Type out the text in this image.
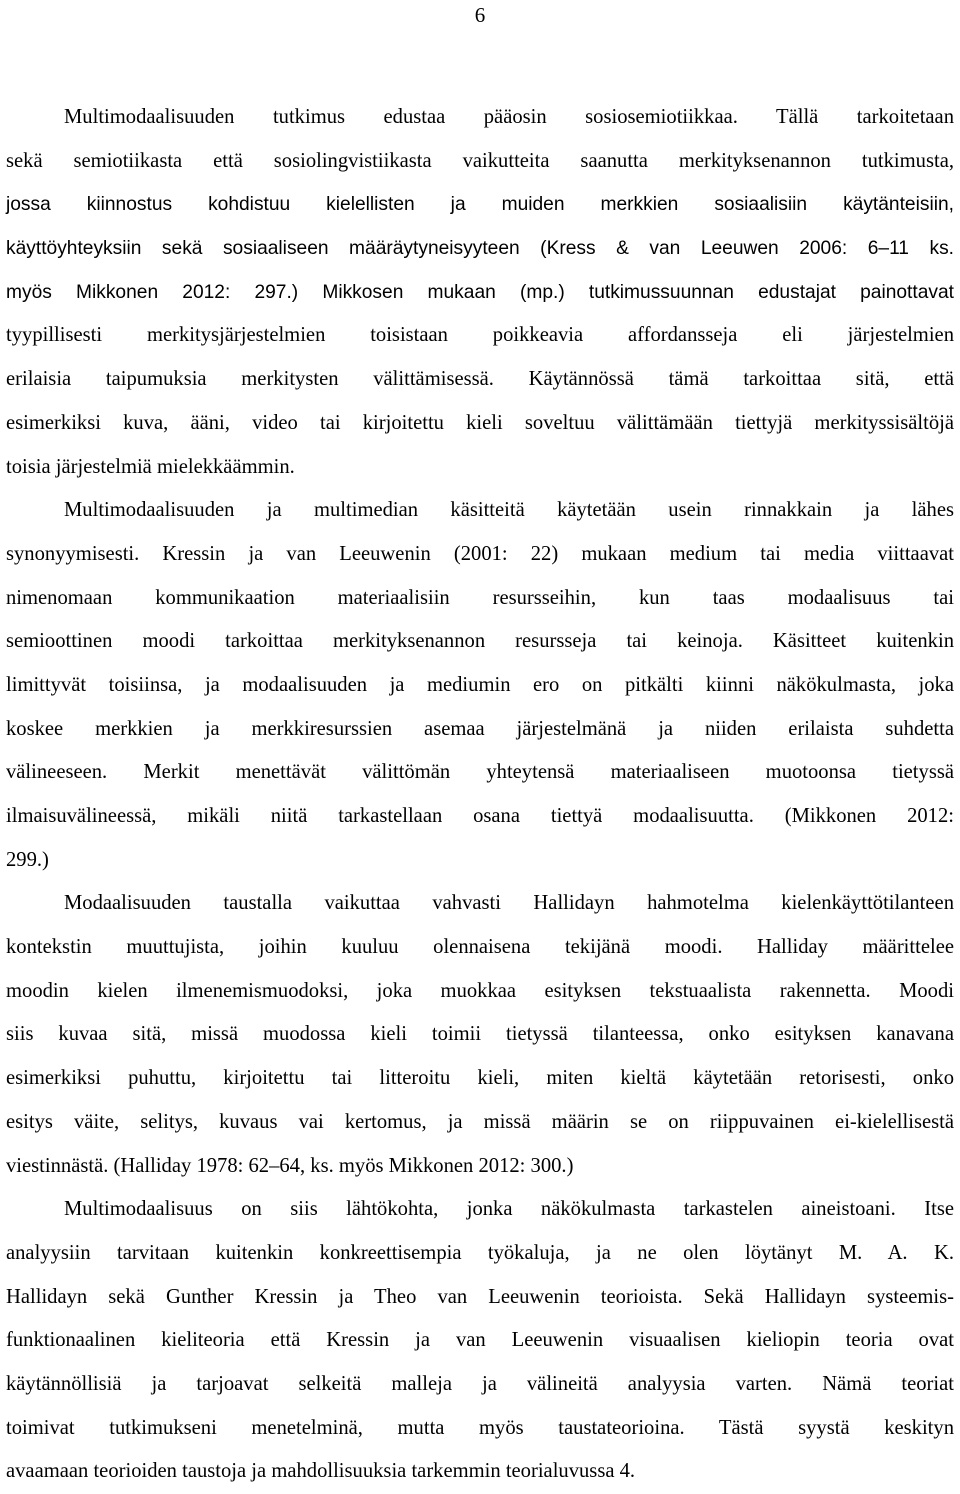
6
Multimodaalisuuden tutkimus edustaa pääosin sosiosemiotiikkaa. Tällä tarkoitetaan
sekä semiotiikasta että sosiolingvistiikasta vaikutteita saanutta merkityksenannon tutkimusta,
jossa kiinnostus kohdistuu kielellisten ja muiden merkkien sosiaalisiin käytänteisiin,
käyttöyhteyksiin sekä sosiaaliseen määräytyneisyyteen (Kress & van Leeuwen 2006: 6–11 ks.
myös Mikkonen 2012: 297.) Mikkosen mukaan (mp.) tutkimussuunnan edustajat painottavat
tyypillisesti merkitysjärjestelmien toisistaan poikkeavia affordansseja eli järjestelmien
erilaisia taipumuksia merkitysten välittämisessä. Käytännössä tämä tarkoittaa sitä, että
esimerkiksi kuva, ääni, video tai kirjoitettu kieli soveltuu välittämään tiettyjä merkityssisältöjä
toisia järjestelmiä mielekkäämmin.
Multimodaalisuuden ja multimedian käsitteitä käytetään usein rinnakkain ja lähes
synonyymisesti. Kressin ja van Leeuwenin (2001: 22) mukaan medium tai media viittaavat
nimenomaan kommunikaation materiaalisiin resursseihin, kun taas modaalisuus tai
semioottinen moodi tarkoittaa merkityksenannon resursseja tai keinoja. Käsitteet kuitenkin
limittyvät toisiinsa, ja modaalisuuden ja mediumin ero on pitkälti kiinni näkökulmasta, joka
koskee merkkien ja merkkiresurssien asemaa järjestelmänä ja niiden erilaista suhdetta
välineeseen. Merkit menettävät välittömän yhteytensä materiaaliseen muotoonsa tietyssä
ilmaisuvälineessä, mikäli niitä tarkastellaan osana tiettyä modaalisuutta. (Mikkonen 2012:
299.)
Modaalisuuden taustalla vaikuttaa vahvasti Hallidayn hahmotelma kielenkäyttötilanteen
kontekstin muuttujista, joihin kuuluu olennaisena tekijänä moodi. Halliday määrittelee
moodin kielen ilmenemismuodoksi, joka muokkaa esityksen tekstuaalista rakennetta. Moodi
siis kuvaa sitä, missä muodossa kieli toimii tietyssä tilanteessa, onko esityksen kanavana
esimerkiksi puhuttu, kirjoitettu tai litteroitu kieli, miten kieltä käytetään retorisesti, onko
esitys väite, selitys, kuvaus vai kertomus, ja missä määrin se on riippuvainen ei-kielellisestä
viestinnästä. (Halliday 1978: 62–64, ks. myös Mikkonen 2012: 300.)
Multimodaalisuus on siis lähtökohta, jonka näkökulmasta tarkastelen aineistoani. Itse
analyysiin tarvitaan kuitenkin konkreettisempia työkaluja, ja ne olen löytänyt M. A. K.
Hallidayn sekä Gunther Kressin ja Theo van Leeuwenin teorioista. Sekä Hallidayn systeemis-
funktionaalinen kieliteoria että Kressin ja van Leeuwenin visuaalisen kieliopin teoria ovat
käytännöllisiä ja tarjoavat selkeitä malleja ja välineitä analyysia varten. Nämä teoriat
toimivat tutkimukseni menetelminä, mutta myös taustateorioina. Tästä syystä keskityn
avaamaan teorioiden taustoja ja mahdollisuuksia tarkemmin teorialuvussa 4.
